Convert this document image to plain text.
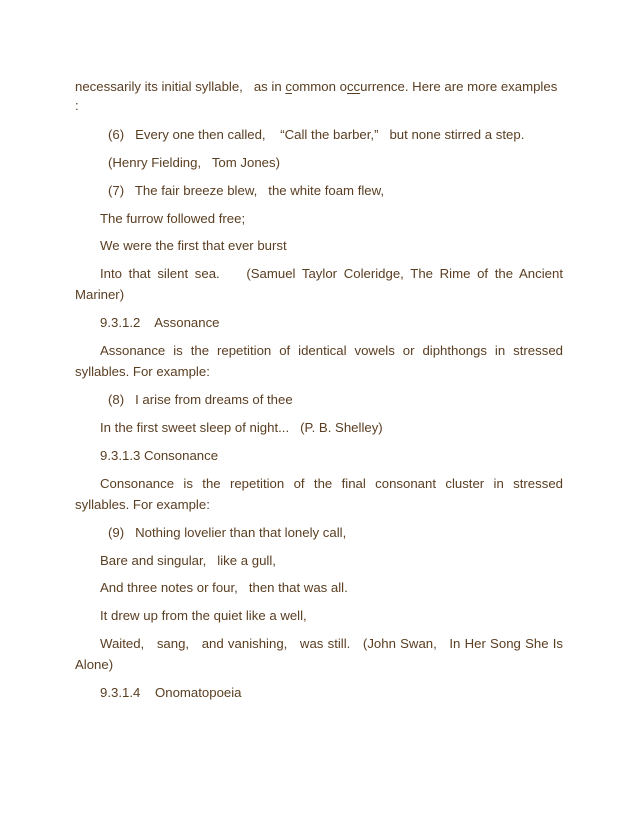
necessarily its initial syllable,   as in common occurrence. Here are more examples
:
(6)   Every one then called,    “Call the barber,”   but none stirred a step.
(Henry Fielding,   Tom Jones)
(7)   The fair breeze blew,   the white foam flew,
The furrow followed free;
We were the first that ever burst
Into that silent sea.    (Samuel Taylor Coleridge, The Rime of the Ancient
Mariner)
9.3.1.2    Assonance
Assonance is the repetition of identical vowels or diphthongs in stressed
syllables. For example:
(8)   I arise from dreams of thee
In the first sweet sleep of night...   (P. B. Shelley)
9.3.1.3 Consonance
Consonance is the repetition of the final consonant cluster in stressed
syllables. For example:
(9)   Nothing lovelier than that lonely call,
Bare and singular,   like a gull,
And three notes or four,   then that was all.
It drew up from the quiet like a well,
Waited,   sang,   and vanishing,   was still.   (John Swan,   In Her Song She Is
Alone)
9.3.1.4    Onomatopoeia
